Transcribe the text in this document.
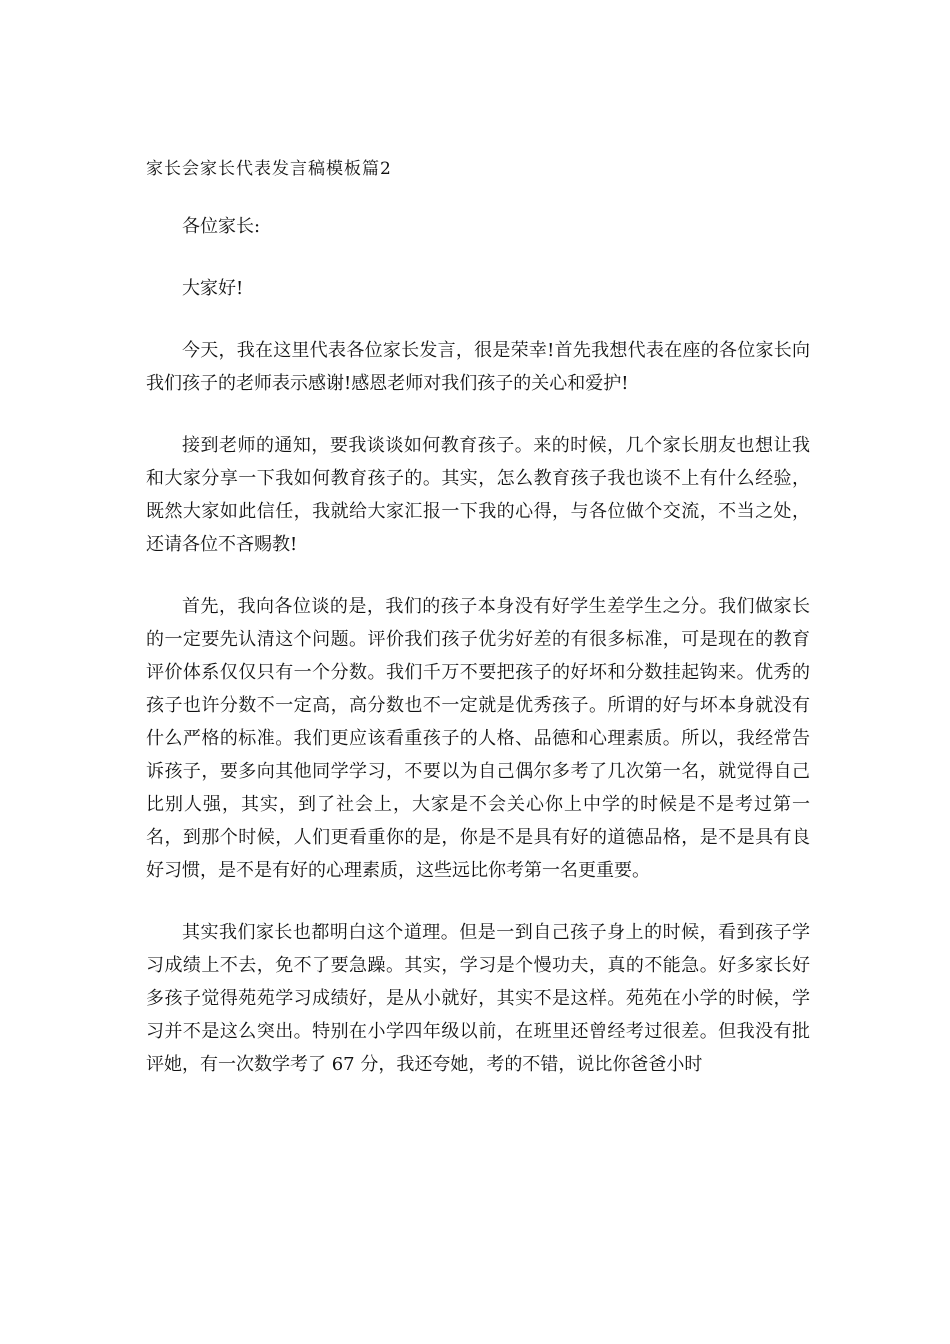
家长会家长代表发言稿模板篇2

各位家长:

大家好!

今天，我在这里代表各位家长发言，很是荣幸!首先我想代表在座的各位家长向我们孩子的老师表示感谢!感恩老师对我们孩子的关心和爱护!

接到老师的通知，要我谈谈如何教育孩子。来的时候，几个家长朋友也想让我和大家分享一下我如何教育孩子的。其实，怎么教育孩子我也谈不上有什么经验，既然大家如此信任，我就给大家汇报一下我的心得，与各位做个交流，不当之处，还请各位不吝赐教!

首先，我向各位谈的是，我们的孩子本身没有好学生差学生之分。我们做家长的一定要先认清这个问题。评价我们孩子优劣好差的有很多标准，可是现在的教育评价体系仅仅只有一个分数。我们千万不要把孩子的好坏和分数挂起钩来。优秀的孩子也许分数不一定高，高分数也不一定就是优秀孩子。所谓的好与坏本身就没有什么严格的标准。我们更应该看重孩子的人格、品德和心理素质。所以，我经常告诉孩子，要多向其他同学学习，不要以为自己偶尔多考了几次第一名，就觉得自己比别人强，其实，到了社会上，大家是不会关心你上中学的时候是不是考过第一名，到那个时候，人们更看重你的是，你是不是具有好的道德品格，是不是具有良好习惯，是不是有好的心理素质，这些远比你考第一名更重要。

其实我们家长也都明白这个道理。但是一到自己孩子身上的时候，看到孩子学习成绩上不去，免不了要急躁。其实，学习是个慢功夫，真的不能急。好多家长好多孩子觉得苑苑学习成绩好，是从小就好，其实不是这样。苑苑在小学的时候，学习并不是这么突出。特别在小学四年级以前，在班里还曾经考过很差。但我没有批评她，有一次数学考了 67 分，我还夸她，考的不错，说比你爸爸小时
